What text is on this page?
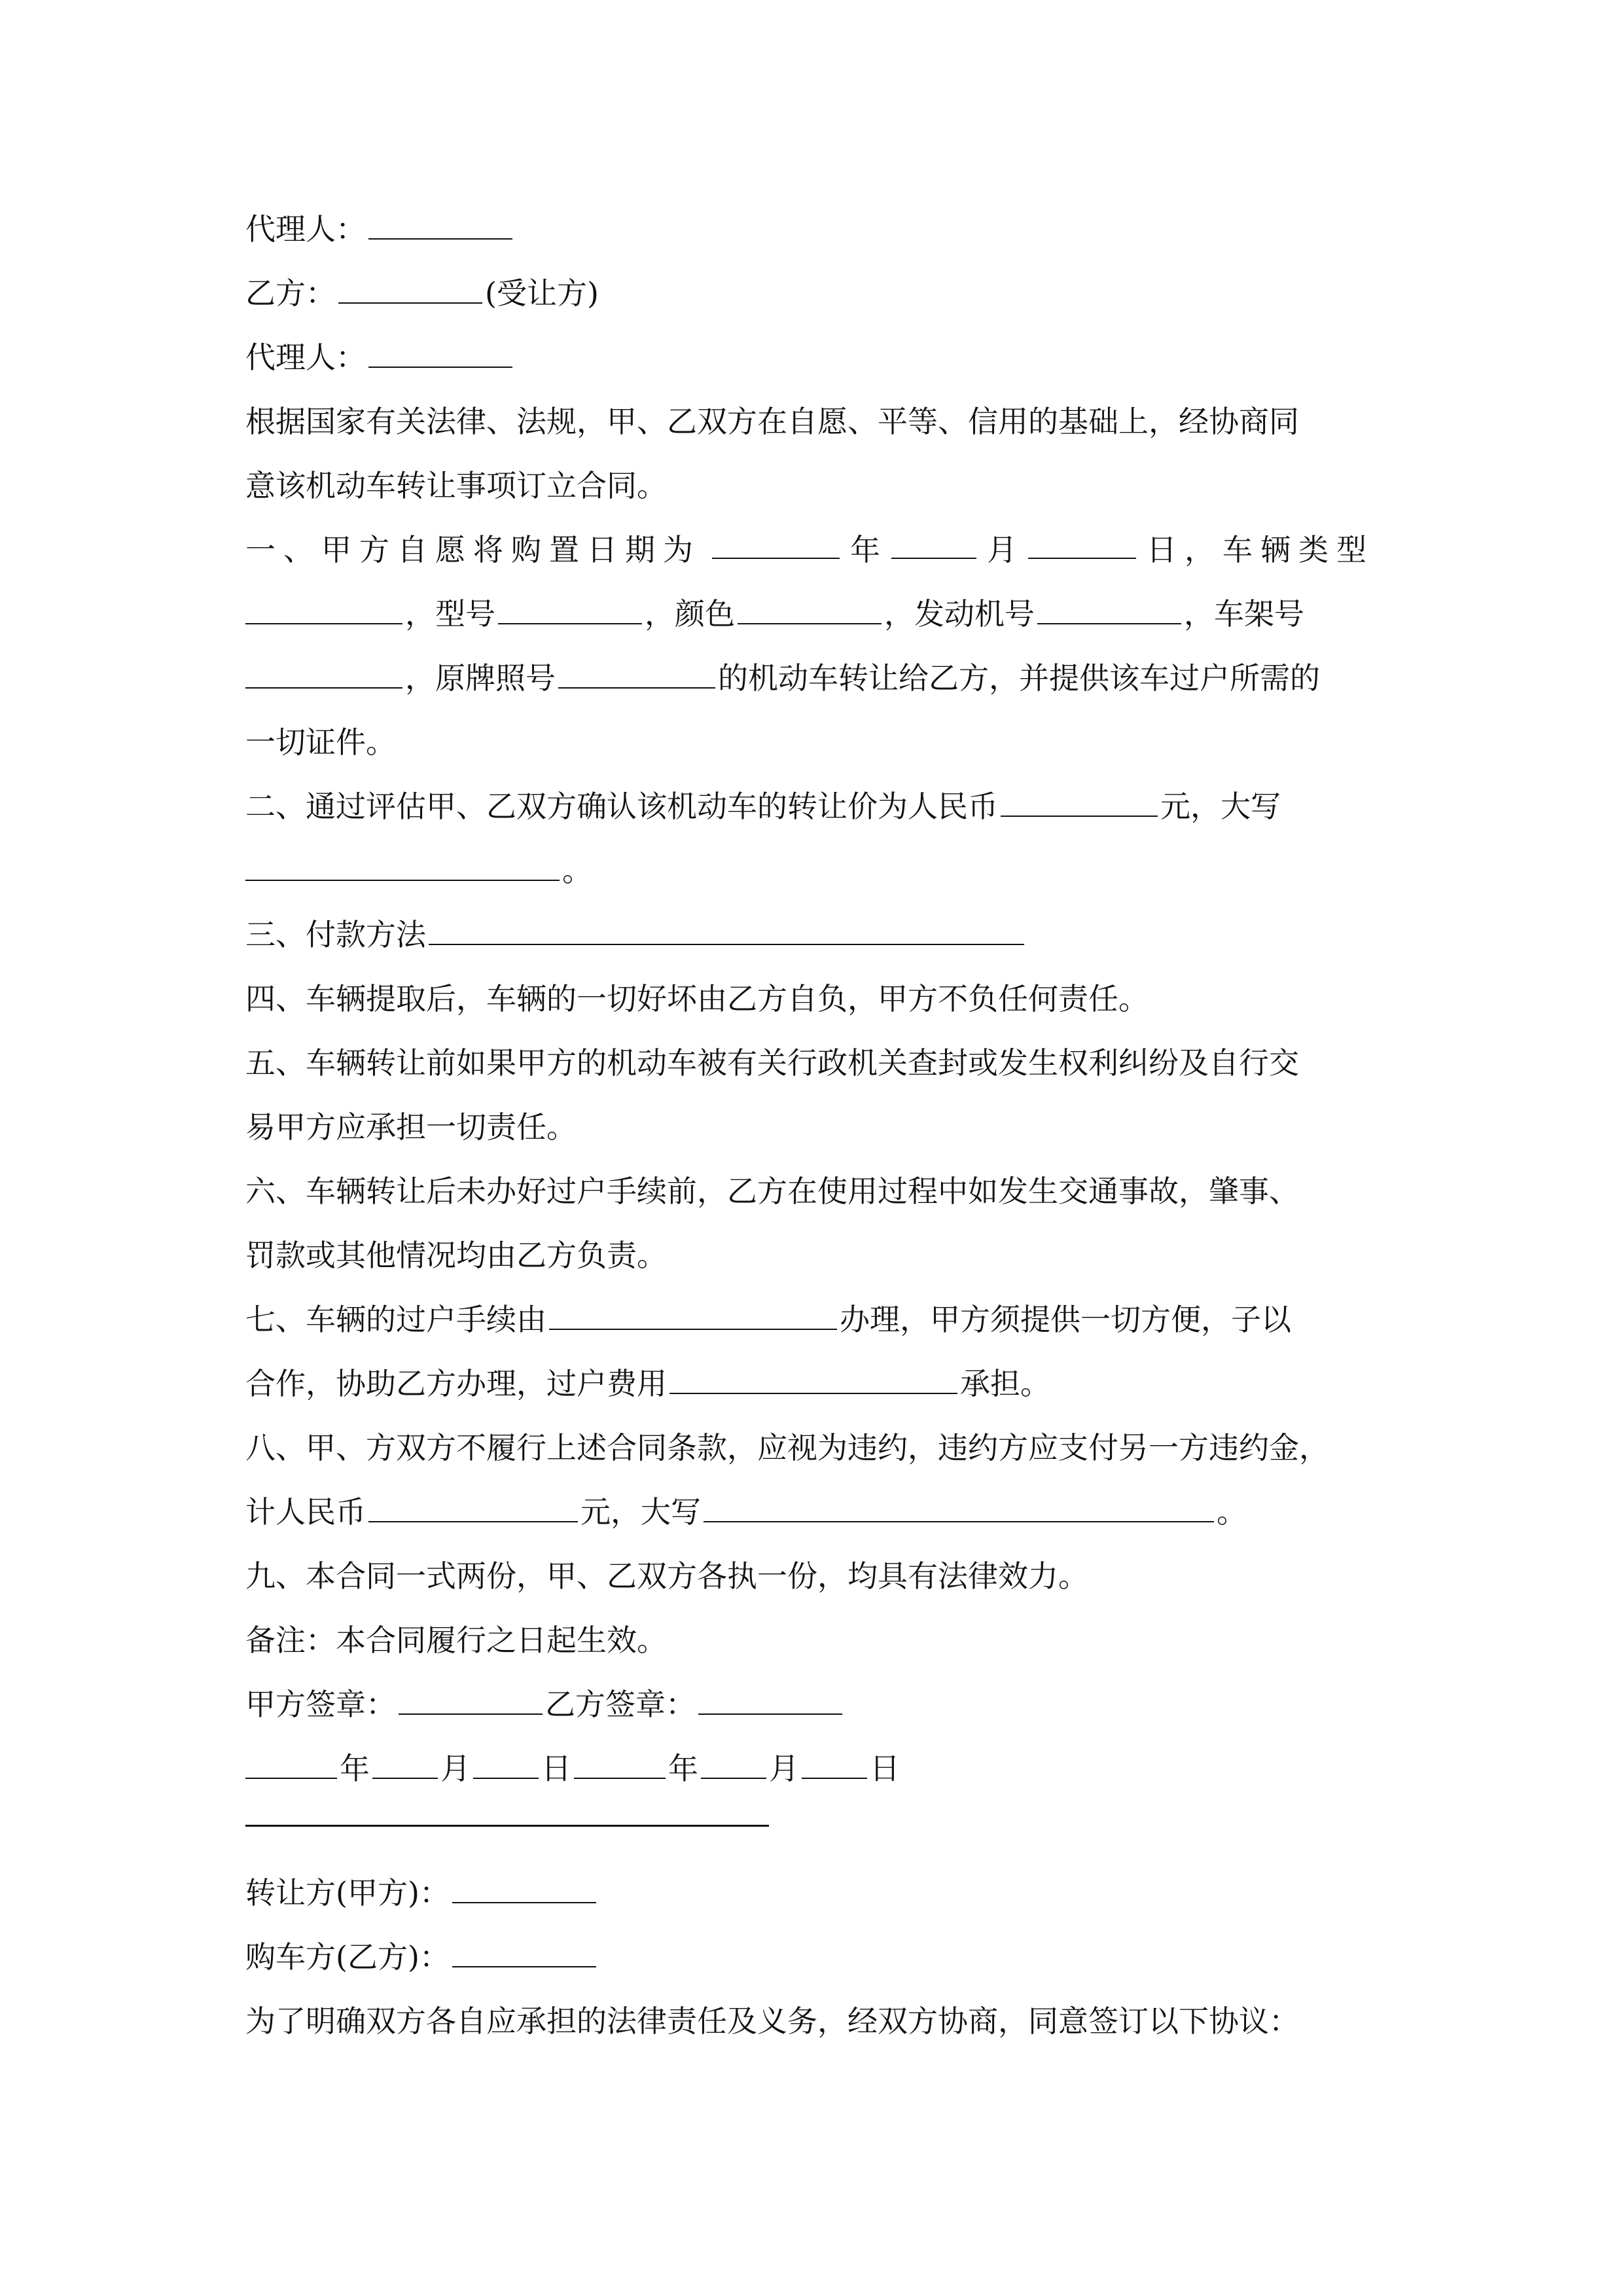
代理人：
乙方：	(受让方)
代理人：
根据国家有关法律、法规，甲、乙双方在自愿、平等、信用的基础上，经协商同
意该机动车转让事项订立合同。
一、甲方自愿将购置日期为	年	月	日，车辆类型
，型号	，颜色	，发动机号	，车架号
，原牌照号	的机动车转让给乙方，并提供该车过户所需的
一切证件。
二、通过评估甲、乙双方确认该机动车的转让价为人民币	元，大写
。
三、付款方法
四、车辆提取后，车辆的一切好坏由乙方自负，甲方不负任何责任。
五、车辆转让前如果甲方的机动车被有关行政机关查封或发生权利纠纷及自行交
易甲方应承担一切责任。
六、车辆转让后未办好过户手续前，乙方在使用过程中如发生交通事故，肇事、
罚款或其他情况均由乙方负责。
七、车辆的过户手续由	办理，甲方须提供一切方便，子以
合作，协助乙方办理，过户费用	承担。
八、甲、方双方不履行上述合同条款，应视为违约，违约方应支付另一方违约金，
计人民币	元，大写	。
九、本合同一式两份，甲、乙双方各执一份，均具有法律效力。
备注：本合同履行之日起生效。
甲方签章：	乙方签章：
年 月 日	年 月 日
转让方(甲方)：
购车方(乙方)：
为了明确双方各自应承担的法律责任及义务，经双方协商，同意签订以下协议：
